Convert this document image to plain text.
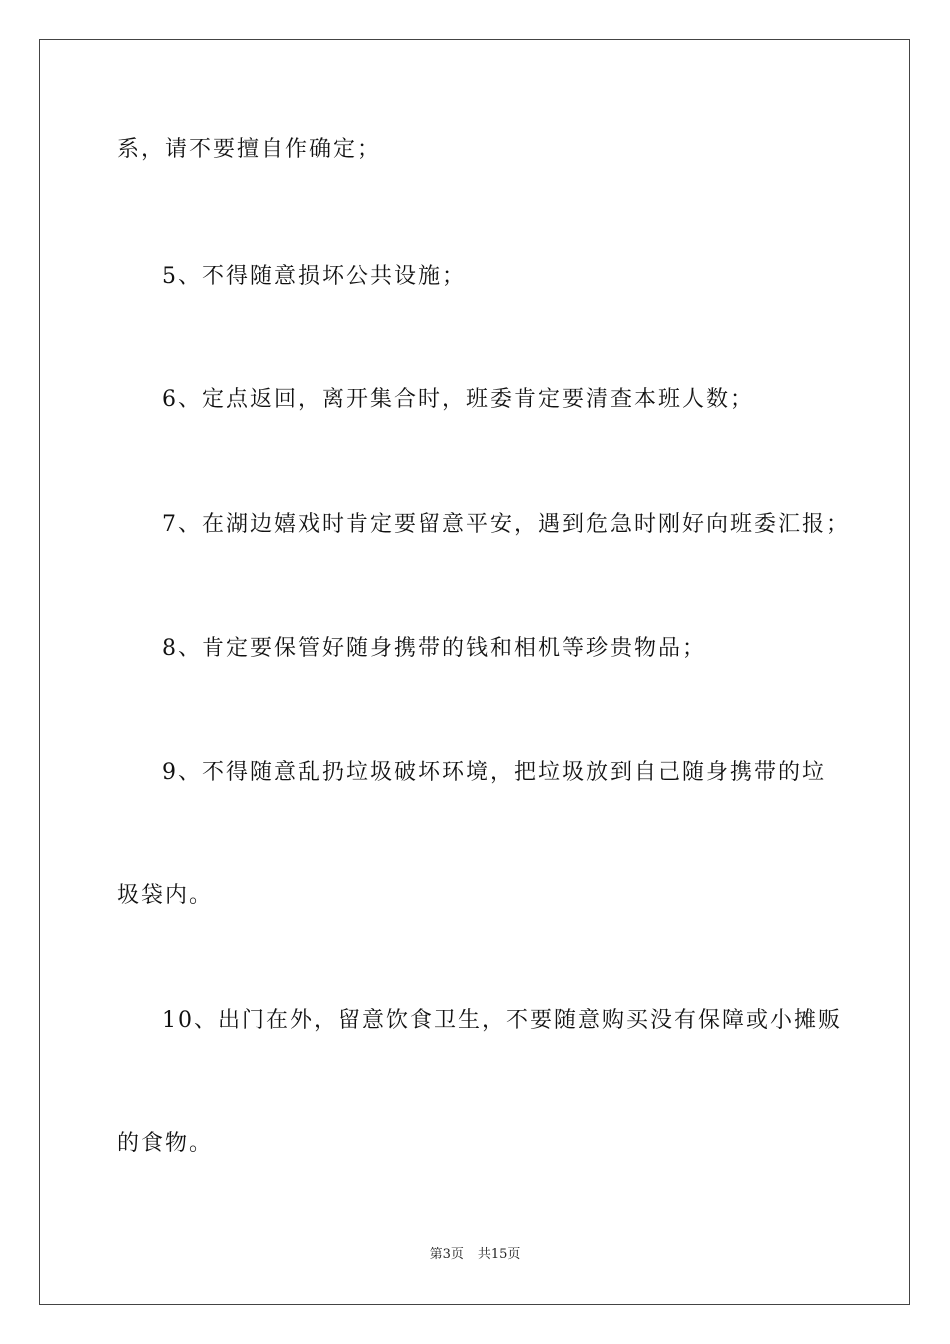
系，请不要擅自作确定；
5、不得随意损坏公共设施；
6、定点返回，离开集合时，班委肯定要清查本班人数；
7、在湖边嬉戏时肯定要留意平安，遇到危急时刚好向班委汇报；
8、肯定要保管好随身携带的钱和相机等珍贵物品；
9、不得随意乱扔垃圾破坏环境，把垃圾放到自己随身携带的垃
圾袋内。
10、出门在外，留意饮食卫生，不要随意购买没有保障或小摊贩
的食物。
第3页 共15页
